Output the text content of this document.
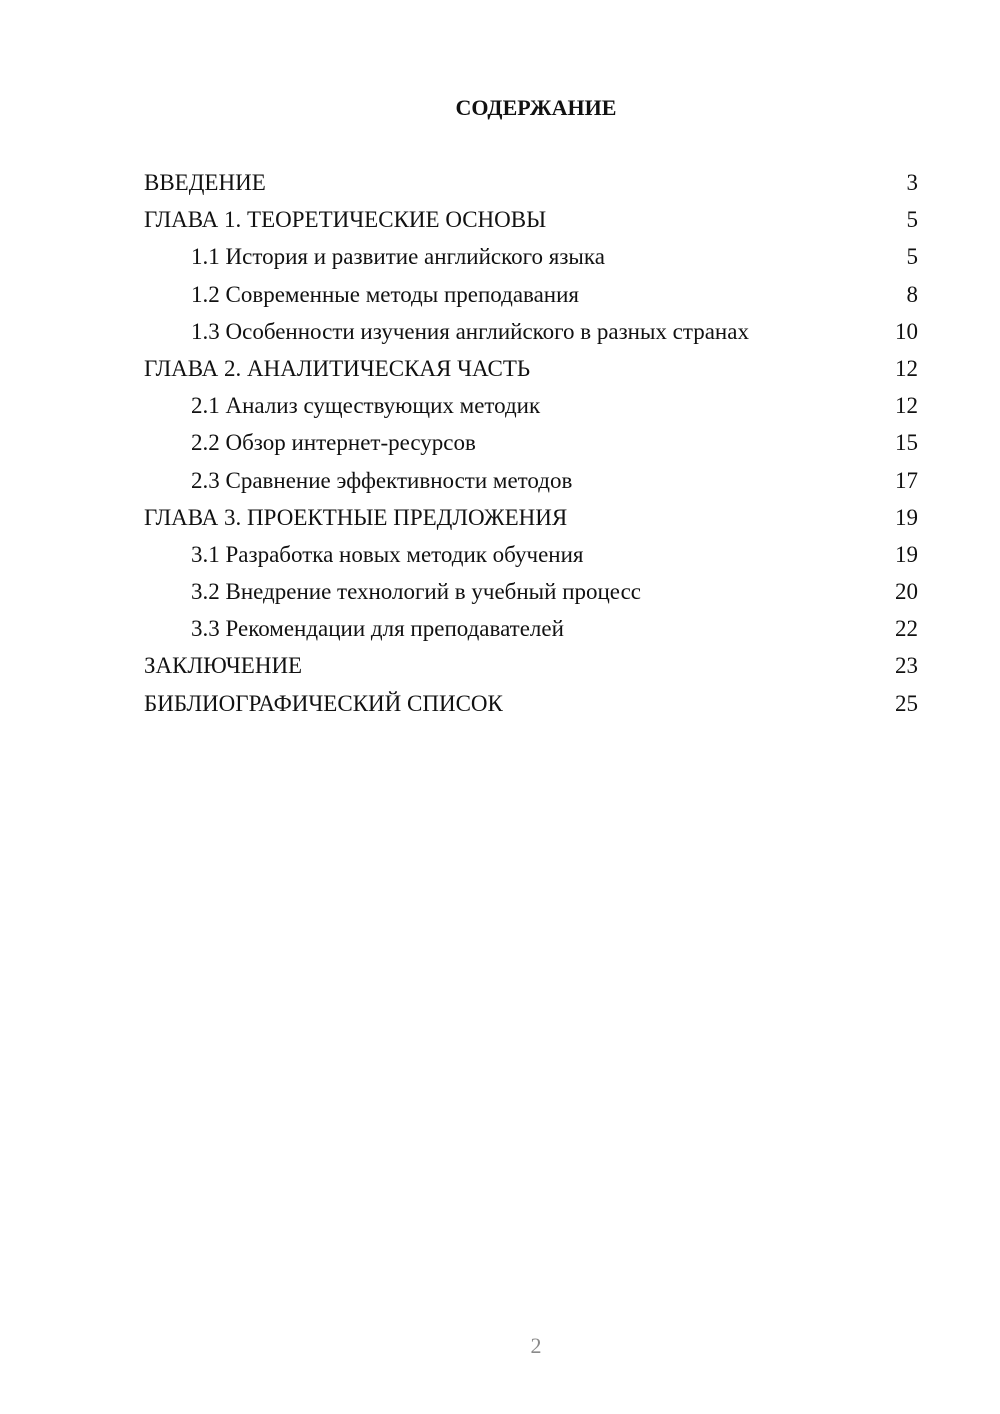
СОДЕРЖАНИЕ
ВВЕДЕНИЕ	3
ГЛАВА 1. ТЕОРЕТИЧЕСКИЕ ОСНОВЫ	5
1.1 История и развитие английского языка	5
1.2 Современные методы преподавания	8
1.3 Особенности изучения английского в разных странах	10
ГЛАВА 2. АНАЛИТИЧЕСКАЯ ЧАСТЬ	12
2.1 Анализ существующих методик	12
2.2 Обзор интернет-ресурсов	15
2.3 Сравнение эффективности методов	17
ГЛАВА 3. ПРОЕКТНЫЕ ПРЕДЛОЖЕНИЯ	19
3.1 Разработка новых методик обучения	19
3.2 Внедрение технологий в учебный процесс	20
3.3 Рекомендации для преподавателей	22
ЗАКЛЮЧЕНИЕ	23
БИБЛИОГРАФИЧЕСКИЙ СПИСОК	25
2
